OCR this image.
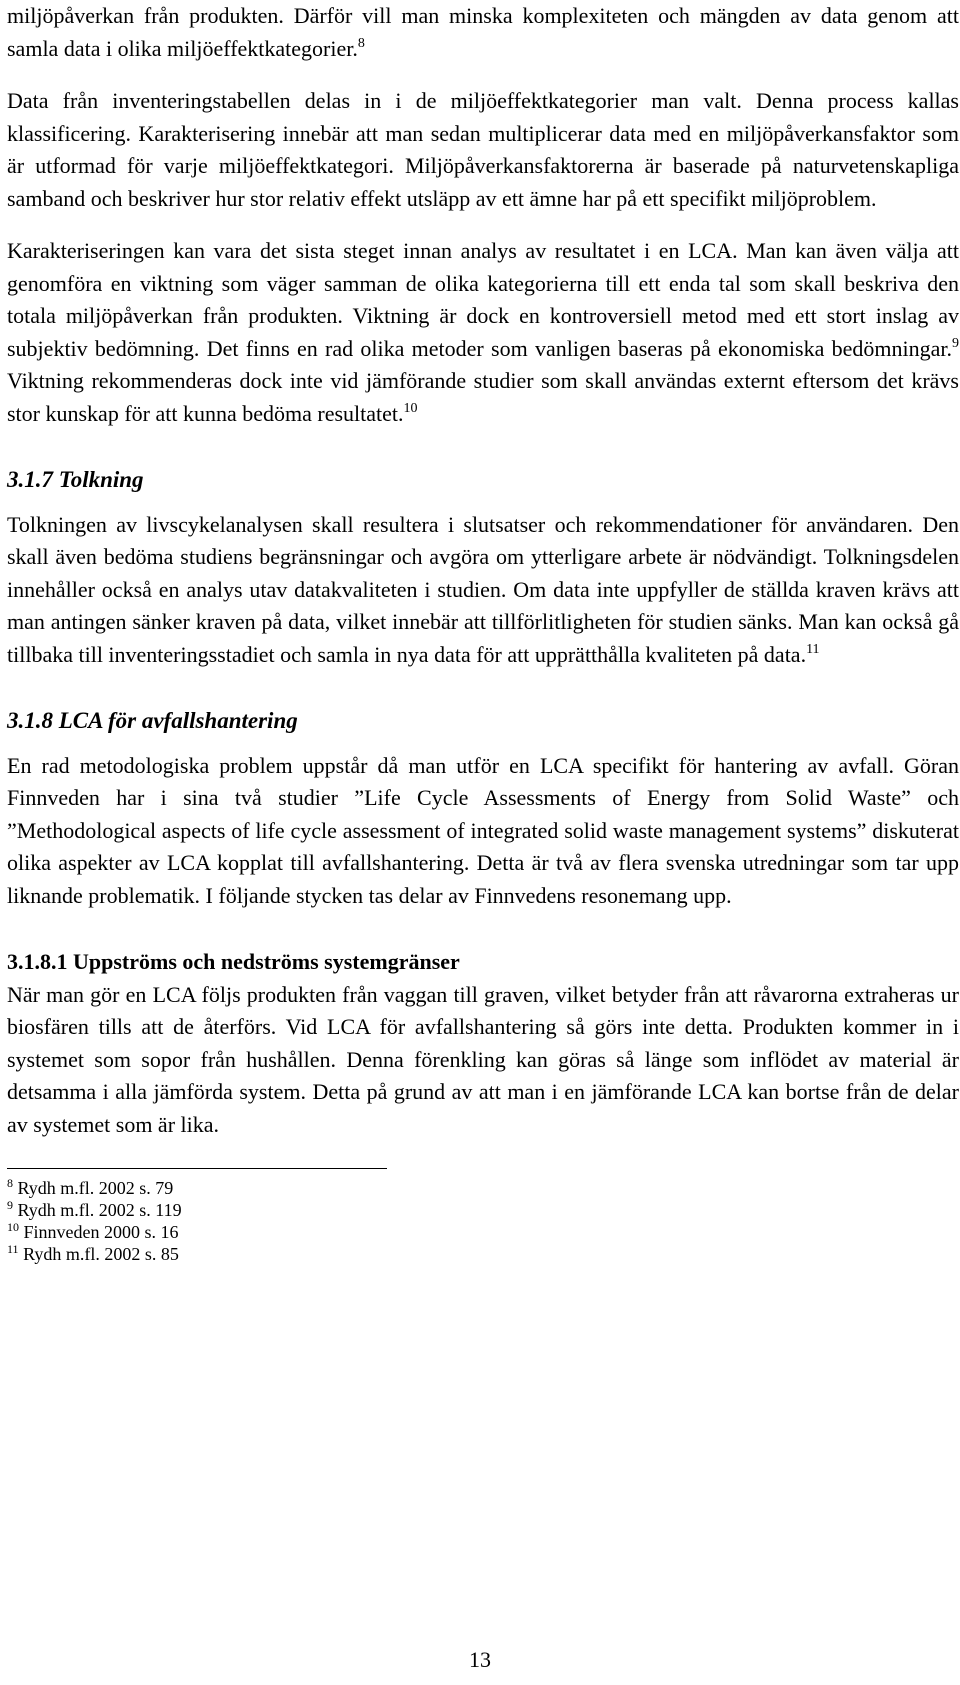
miljöpåverkan från produkten. Därför vill man minska komplexiteten och mängden av data genom att samla data i olika miljöeffektkategorier.$^8$

Data från inventeringstabellen delas in i de miljöeffektkategorier man valt. Denna process kallas klassificering. Karakterisering innebär att man sedan multiplicerar data med en miljöpåverkansfaktor som är utformad för varje miljöeffektkategori. Miljöpåverkansfaktorerna är baserade på naturvetenskapliga samband och beskriver hur stor relativ effekt utsläpp av ett ämne har på ett specifikt miljöproblem.

Karakteriseringen kan vara det sista steget innan analys av resultatet i en LCA. Man kan även välja att genomföra en viktning som väger samman de olika kategorierna till ett enda tal som skall beskriva den totala miljöpåverkan från produkten. Viktning är dock en kontroversiell metod med ett stort inslag av subjektiv bedömning. Det finns en rad olika metoder som vanligen baseras på ekonomiska bedömningar.$^9$ Viktning rekommenderas dock inte vid jämförande studier som skall användas externt eftersom det krävs stor kunskap för att kunna bedöma resultatet.$^{10}$

3.1.7 Tolkning

Tolkningen av livscykelanalysen skall resultera i slutsatser och rekommendationer för användaren. Den skall även bedöma studiens begränsningar och avgöra om ytterligare arbete är nödvändigt. Tolkningsdelen innehåller också en analys utav datakvaliteten i studien. Om data inte uppfyller de ställda kraven krävs att man antingen sänker kraven på data, vilket innebär att tillförlitligheten för studien sänks. Man kan också gå tillbaka till inventeringsstadiet och samla in nya data för att upprätthålla kvaliteten på data.$^{11}$

3.1.8 LCA för avfallshantering

En rad metodologiska problem uppstår då man utför en LCA specifikt för hantering av avfall. Göran Finnveden har i sina två studier ”Life Cycle Assessments of Energy from Solid Waste” och ”Methodological aspects of life cycle assessment of integrated solid waste management systems” diskuterat olika aspekter av LCA kopplat till avfallshantering. Detta är två av flera svenska utredningar som tar upp liknande problematik. I följande stycken tas delar av Finnvedens resonemang upp.

3.1.8.1 Uppströms och nedströms systemgränser

När man gör en LCA följs produkten från vaggan till graven, vilket betyder från att råvarorna extraheras ur biosfären tills att de återförs. Vid LCA för avfallshantering så görs inte detta. Produkten kommer in i systemet som sopor från hushållen. Denna förenkling kan göras så länge som inflödet av material är detsamma i alla jämförda system. Detta på grund av att man i en jämförande LCA kan bortse från de delar av systemet som är lika.

$^8$ Rydh m.fl. 2002 s. 79
$^9$ Rydh m.fl. 2002 s. 119
$^{10}$ Finnveden 2000 s. 16
$^{11}$ Rydh m.fl. 2002 s. 85
13
